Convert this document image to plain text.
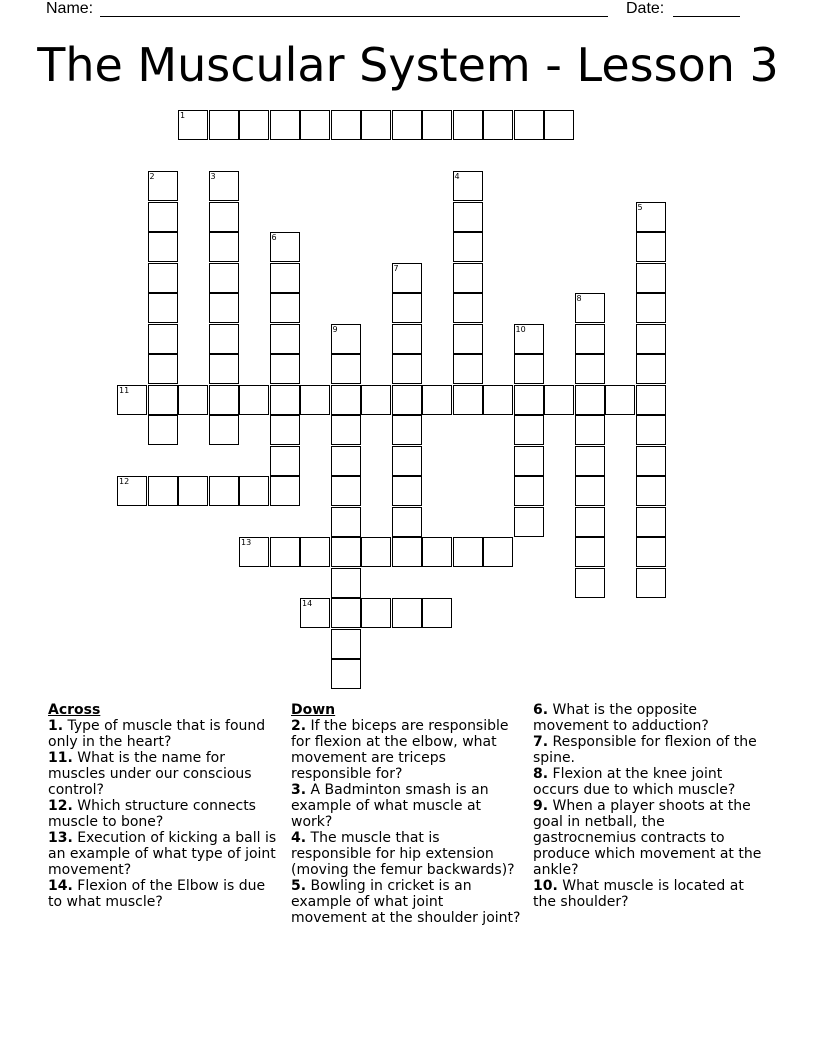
Name:	Date:
The Muscular System - Lesson 3
1
2	3	4
5
6
7
8
9	10
11
12
13
14
Across
1. Type of muscle that is found only in the heart?
11. What is the name for muscles under our conscious control?
12. Which structure connects muscle to bone?
13. Execution of kicking a ball is an example of what type of joint movement?
14. Flexion of the Elbow is due to what muscle?
Down
2. If the biceps are responsible for flexion at the elbow, what movement are triceps responsible for?
3. A Badminton smash is an example of what muscle at work?
4. The muscle that is responsible for hip extension (moving the femur backwards)?
5. Bowling in cricket is an example of what joint movement at the shoulder joint?
6. What is the opposite movement to adduction?
7. Responsible for flexion of the spine.
8. Flexion at the knee joint occurs due to which muscle?
9. When a player shoots at the goal in netball, the gastrocnemius contracts to produce which movement at the ankle?
10. What muscle is located at the shoulder?
